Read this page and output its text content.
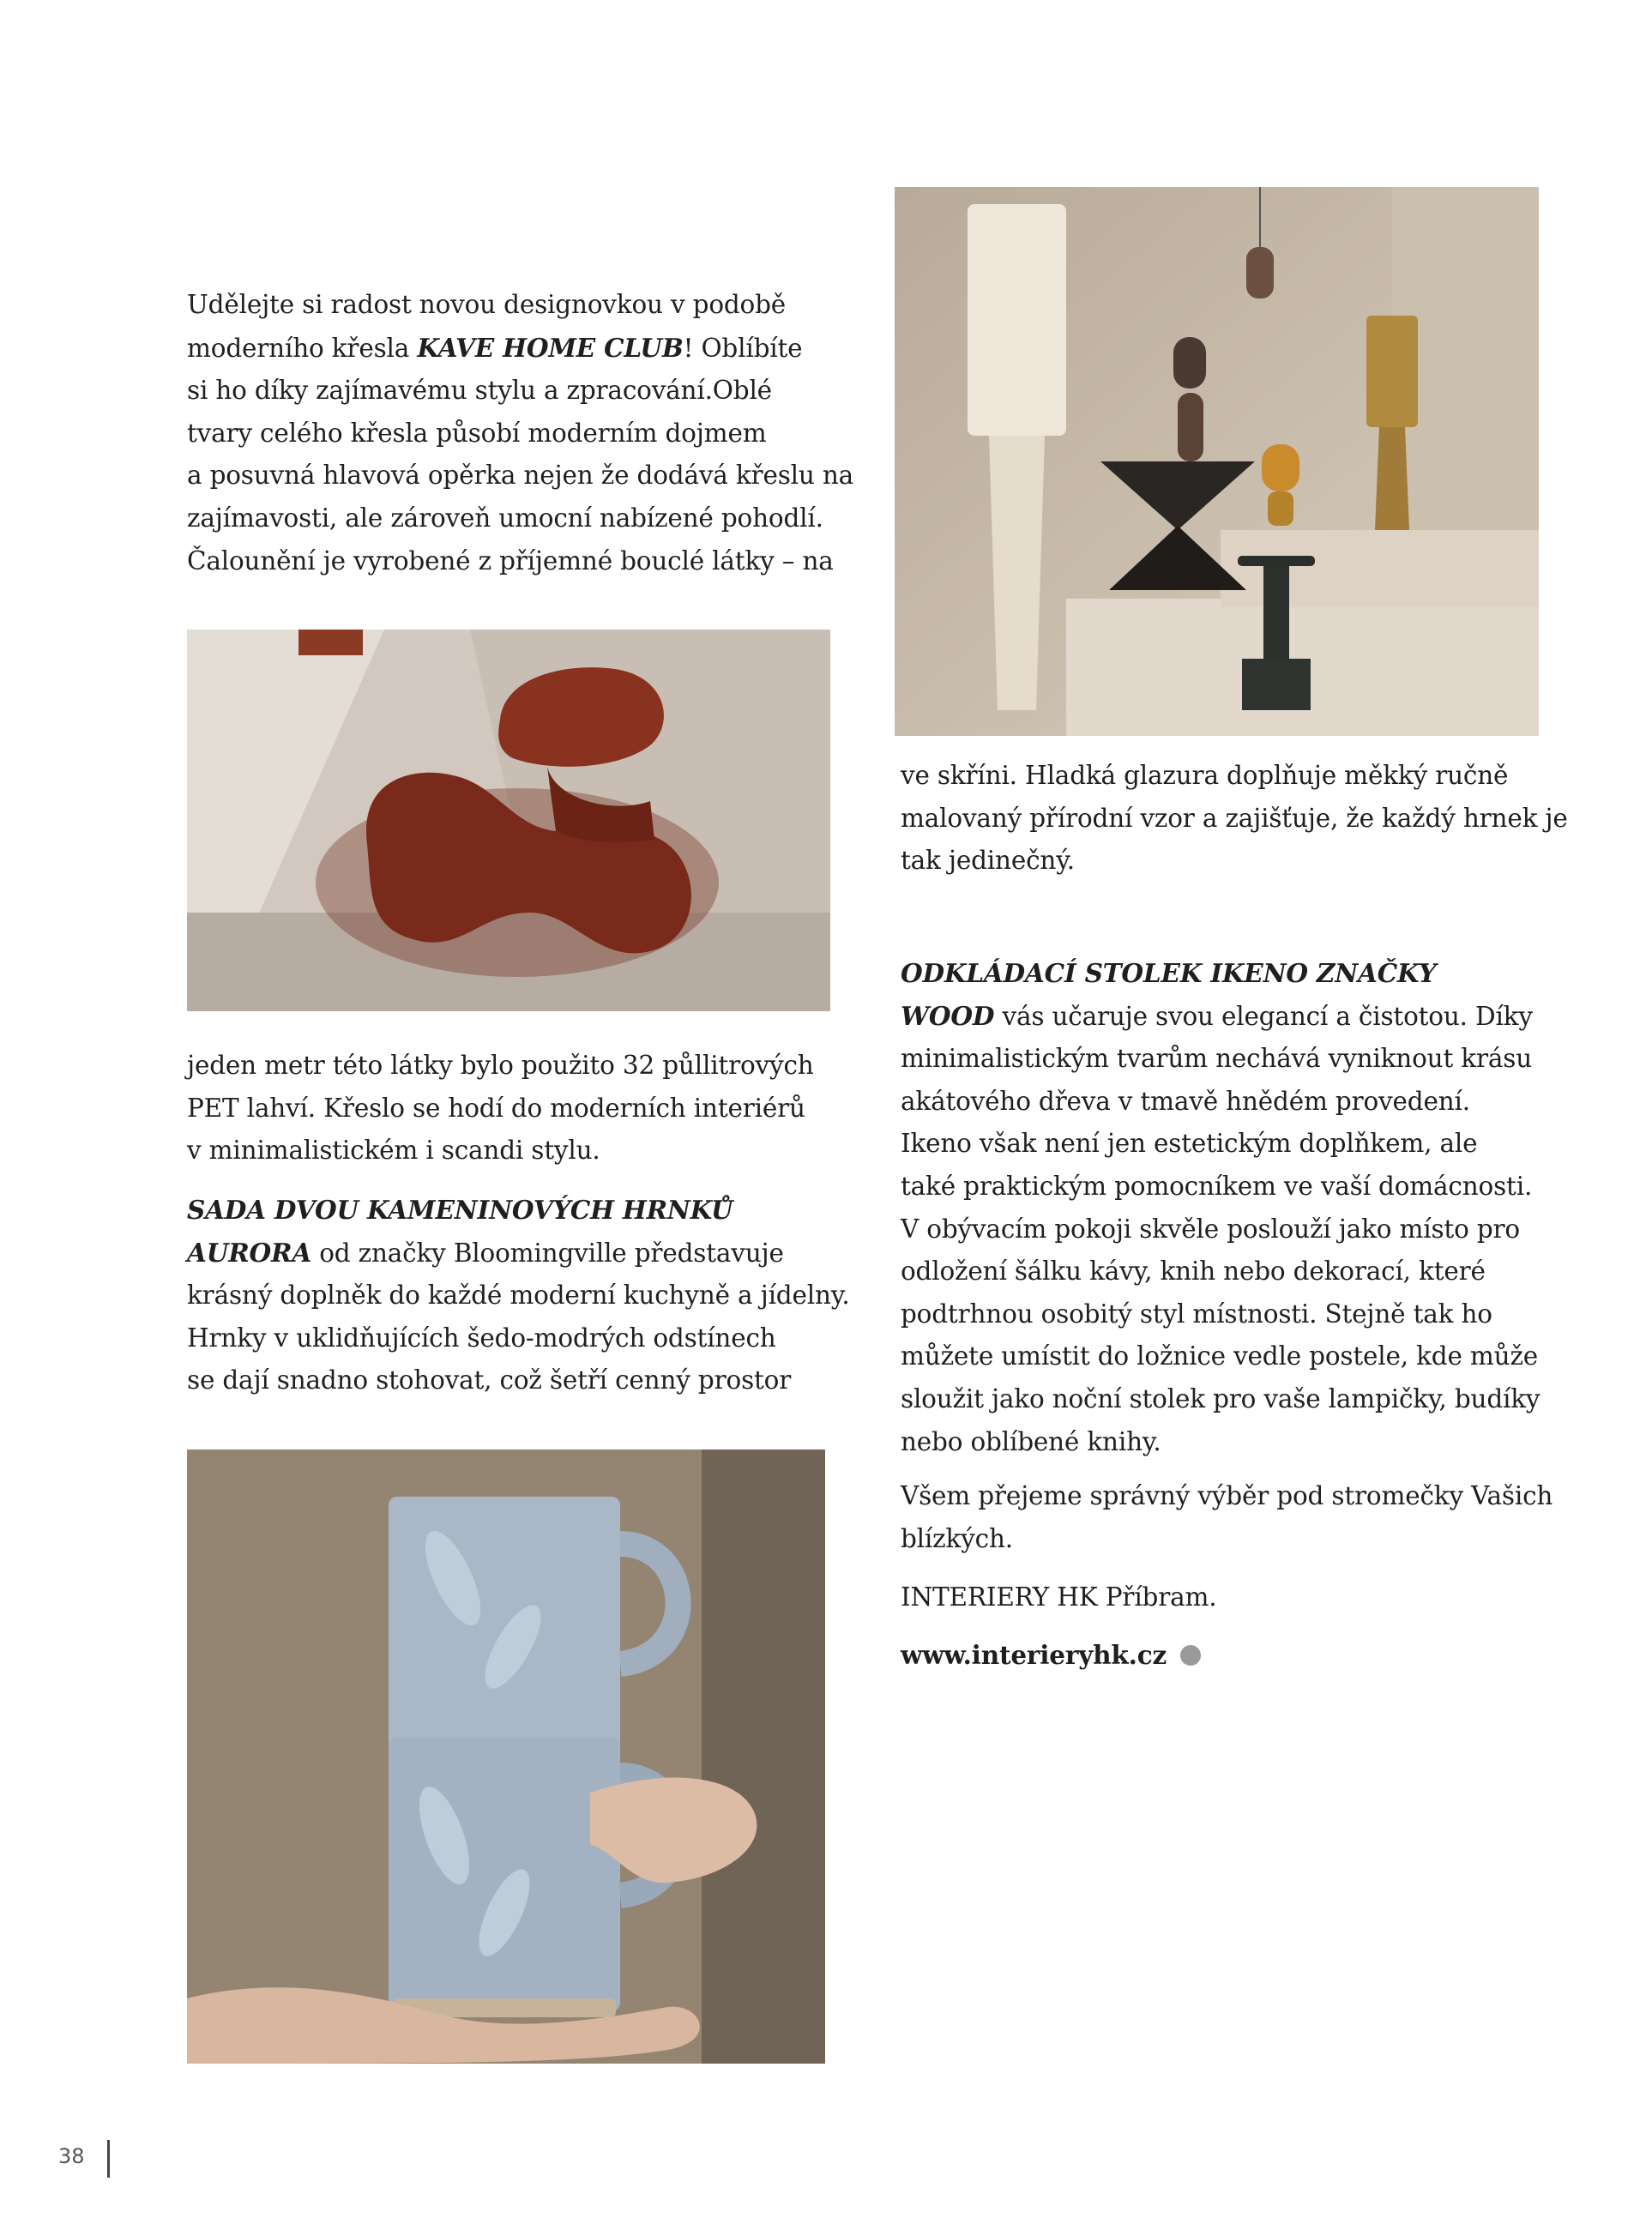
Udělejte si radost novou designovkou v podobě

moderního křesla KAVE HOME CLUB! Oblíbíte

si ho díky zajímavému stylu a zpracování.Oblé

tvary celého křesla působí moderním dojmem

a posuvná hlavová opěrka nejen že dodává křeslu na

zajímavosti, ale zároveň umocní nabízené pohodlí.

Čalounění je vyrobené z příjemné bouclé látky – na

ve skříni. Hladká glazura doplňuje měkký ručně

malovaný přírodní vzor a zajišťuje, že každý hrnek je

tak jedinečný.

jeden metr této látky bylo použito 32 půllitrových

PET lahví. Křeslo se hodí do moderních interiérů

v minimalistickém i scandi stylu.

SADA DVOU KAMENINOVÝCH HRNKŮ

AURORA od značky Bloomingville představuje

krásný doplněk do každé moderní kuchyně a jídelny.

Hrnky v uklidňujících šedo-modrých odstínech

se dají snadno stohovat, což šetří cenný prostor

ODKLÁDACÍ STOLEK IKENO ZNAČKY

WOOD vás učaruje svou elegancí a čistotou. Díky

minimalistickým tvarům nechává vyniknout krásu

akátového dřeva v tmavě hnědém provedení.

Ikeno však není jen estetickým doplňkem, ale

také praktickým pomocníkem ve vaší domácnosti.

V obývacím pokoji skvěle poslouží jako místo pro

odložení šálku kávy, knih nebo dekorací, které

podtrhnou osobitý styl místnosti. Stejně tak ho

můžete umístit do ložnice vedle postele, kde může

sloužit jako noční stolek pro vaše lampičky, budíky

nebo oblíbené knihy.

Všem přejeme správný výběr pod stromečky Vašich

blízkých.

INTERIERY HK Příbram.

www.interieryhk.cz

38
